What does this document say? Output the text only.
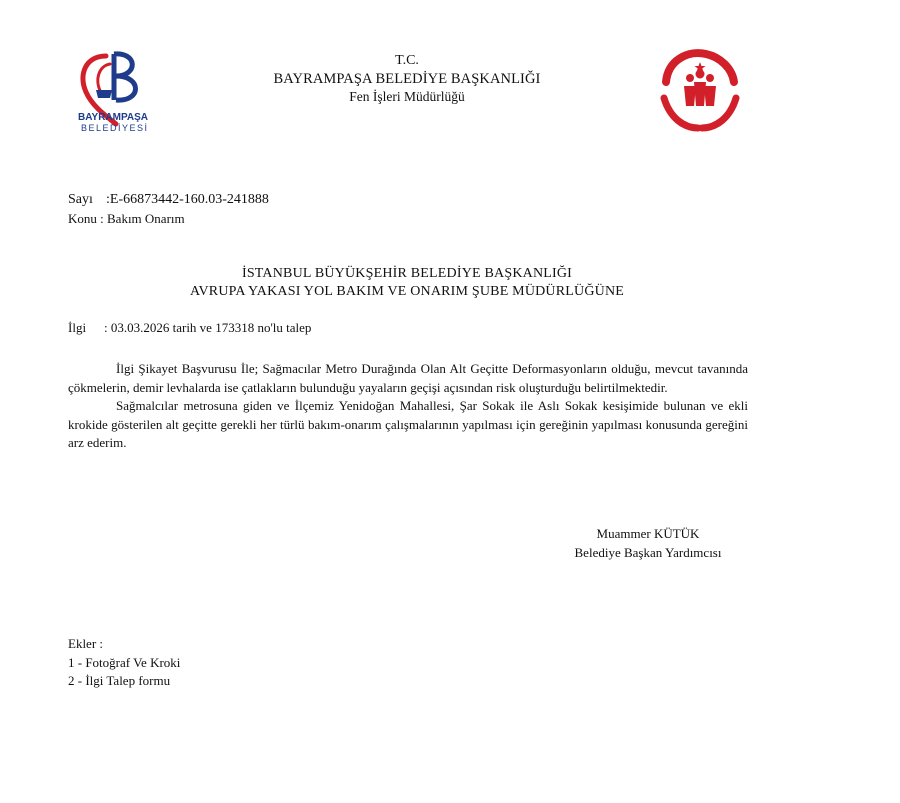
BAYRAMPAŞA
BELEDİYESİ
T.C.
BAYRAMPAŞA BELEDİYE BAŞKANLIĞI
Fen İşleri Müdürlüğü
Sayı :E-66873442-160.03-241888
Konu : Bakım Onarım
İSTANBUL BÜYÜKŞEHİR BELEDİYE BAŞKANLIĞI
AVRUPA YAKASI YOL BAKIM VE ONARIM ŞUBE MÜDÜRLÜĞÜNE
İlgi : 03.03.2026 tarih ve 173318 no'lu talep

İlgi Şikayet Başvurusu İle; Sağmacılar Metro Durağında Olan Alt Geçitte Deformasyonların olduğu, mevcut tavanında çökmelerin, demir levhalarda ise çatlakların bulunduğu yayaların geçişi açısından risk oluşturduğu belirtilmektedir.

Sağmalcılar metrosuna giden ve İlçemiz Yenidoğan Mahallesi, Şar Sokak ile Aslı Sokak kesişimide bulunan ve ekli krokide gösterilen alt geçitte gerekli her türlü bakım-onarım çalışmalarının yapılması için gereğinin yapılması konusunda gereğini arz ederim.

Muammer KÜTÜK
Belediye Başkan Yardımcısı
Ekler :
1 - Fotoğraf Ve Kroki
2 - İlgi Talep formu
